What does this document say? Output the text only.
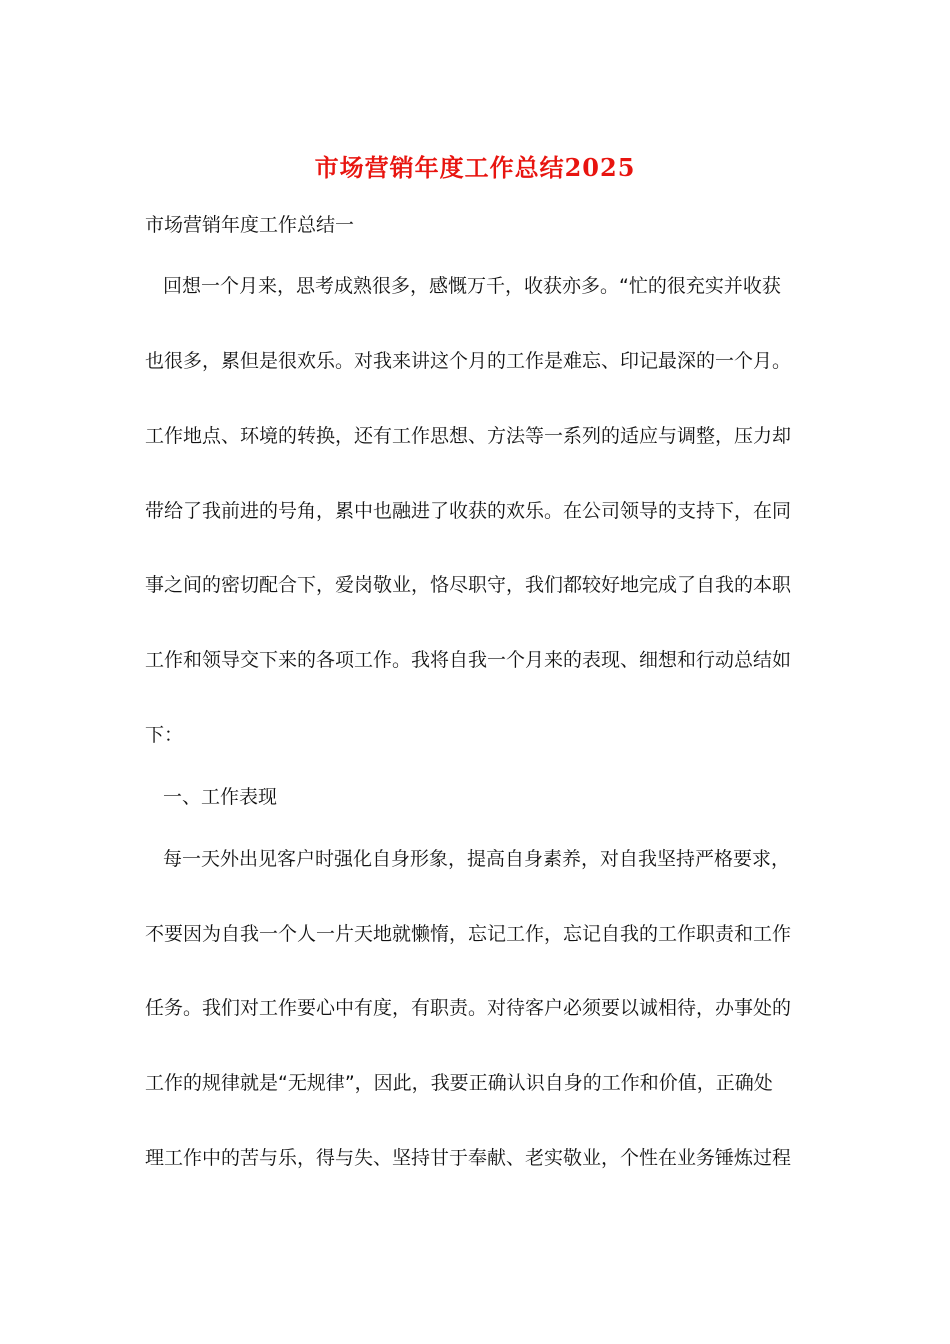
市场营销年度工作总结2025
市场营销年度工作总结一
回想一个月来，思考成熟很多，感慨万千，收获亦多。“忙的很充实并收获
也很多，累但是很欢乐。对我来讲这个月的工作是难忘、印记最深的一个月。
工作地点、环境的转换，还有工作思想、方法等一系列的适应与调整，压力却
带给了我前进的号角，累中也融进了收获的欢乐。在公司领导的支持下，在同
事之间的密切配合下，爱岗敬业，恪尽职守，我们都较好地完成了自我的本职
工作和领导交下来的各项工作。我将自我一个月来的表现、细想和行动总结如
下：
一、工作表现
每一天外出见客户时强化自身形象，提高自身素养，对自我坚持严格要求，
不要因为自我一个人一片天地就懒惰，忘记工作，忘记自我的工作职责和工作
任务。我们对工作要心中有度，有职责。对待客户必须要以诚相待，办事处的
工作的规律就是“无规律”，因此，我要正确认识自身的工作和价值，正确处
理工作中的苦与乐，得与失、坚持甘于奉献、老实敬业，个性在业务锤炼过程
